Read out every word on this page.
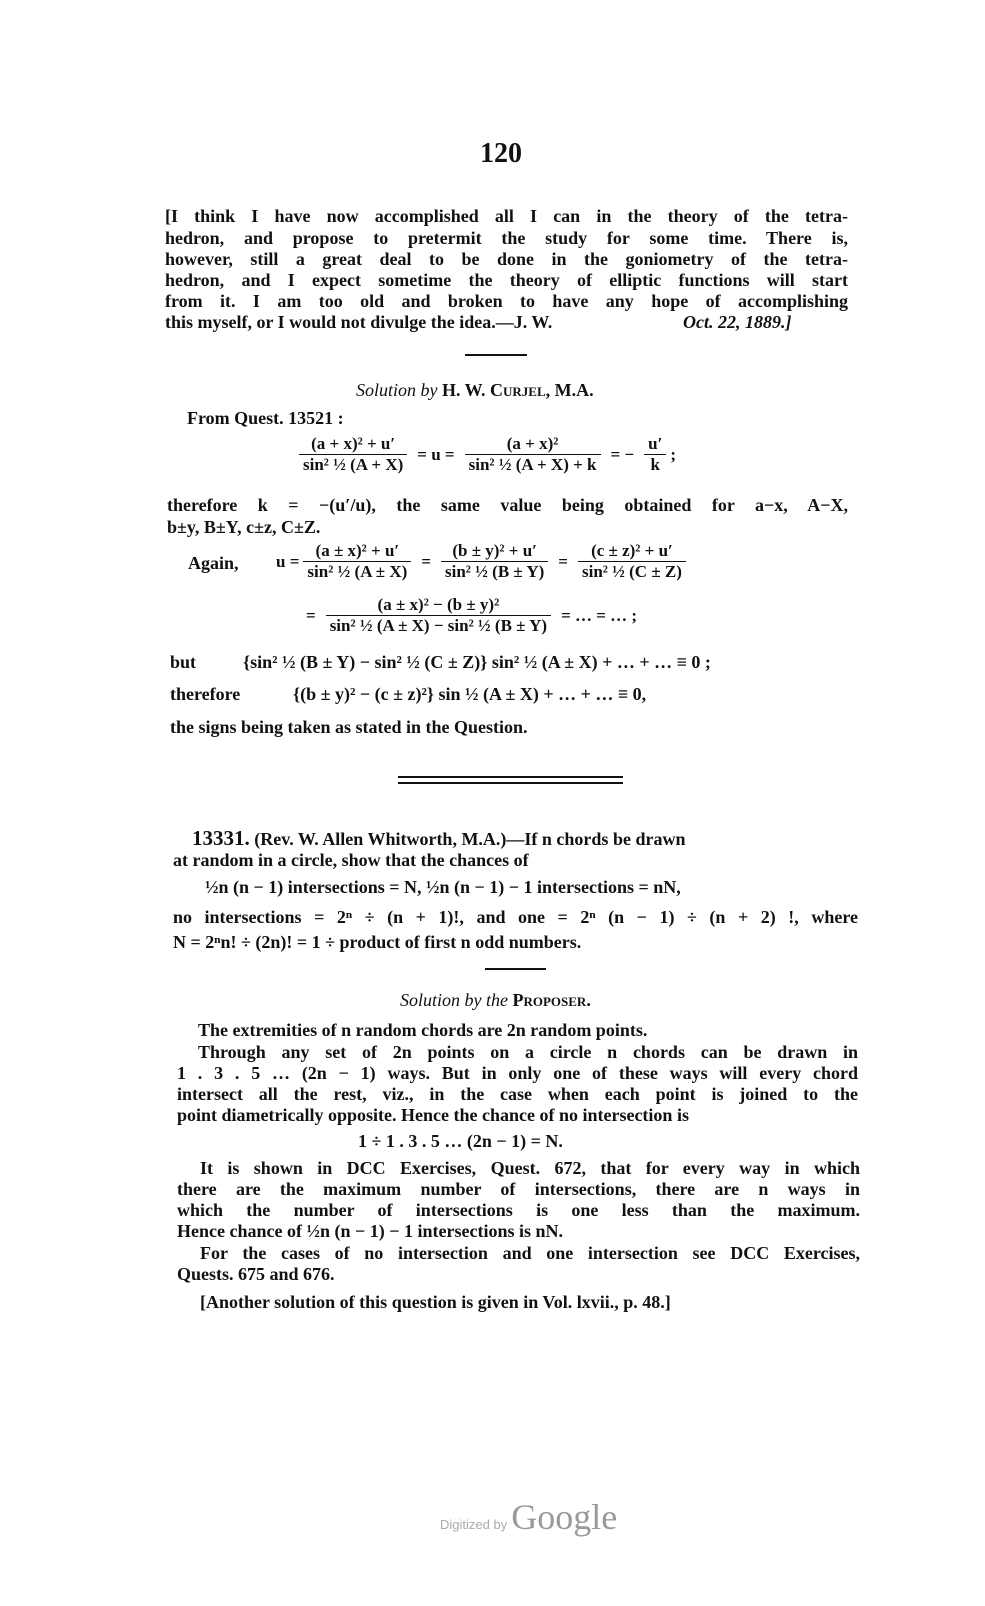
120
[I think I have now accomplished all I can in the theory of the tetra-
hedron, and propose to pretermit the study for some time. There is,
however, still a great deal to be done in the goniometry of the tetra-
hedron, and I expect sometime the theory of elliptic functions will start
from it. I am too old and broken to have any hope of accomplishing
this myself, or I would not divulge the idea.—J. W.	Oct. 22, 1889.]
Solution by H. W. Curjel, M.A.
From Quest. 13521 :
$\frac{\text{(a + x)² + u′}}{\text{sin² ½ (A + X)}} = u = \frac{\text{(a + x)²}}{\text{sin² ½ (A + X) + k}}$ = − $\frac{u'}{k}$ ;
therefore k = −(u′/u), the same value being obtained for a−x, A−X,
b±y, B±Y, c±z, C±Z.
Again, $u = \frac{\text{(a ± x)² + u′}}{\text{sin² ½ (A ± X)}} = \frac{\text{(b ± y)² + u′}}{\text{sin² ½ (B ± Y)}} = \frac{\text{(c ± z)² + u′}}{\text{sin² ½ (C ± Z)}}$
= $\frac{\text{(a ± x)² − (b ± y)²}}{\text{sin² ½ (A ± X) − sin² ½ (B ± Y)}}$ = … = … ;
but	{sin² ½ (B ± Y) − sin² ½ (C ± Z)} sin² ½ (A ± X) + … + … ≡ 0 ;
therefore	{(b ± y)² − (c ± z)²} sin ½ (A ± X) + … + … ≡ 0,
the signs being taken as stated in the Question.
13331. (Rev. W. Allen Whitworth, M.A.)—If n chords be drawn
at random in a circle, show that the chances of
½n (n − 1) intersections = N, ½n (n − 1) − 1 intersections = nN,
no intersections = 2ⁿ ÷ (n + 1)!, and one = 2ⁿ (n − 1) ÷ (n + 2) !, where
N = 2ⁿn! ÷ (2n)! = 1 ÷ product of first n odd numbers.
Solution by the Proposer.
The extremities of n random chords are 2n random points.
Through any set of 2n points on a circle n chords can be drawn in
1 . 3 . 5 … (2n − 1) ways. But in only one of these ways will every chord
intersect all the rest, viz., in the case when each point is joined to the
point diametrically opposite. Hence the chance of no intersection is
1 ÷ 1 . 3 . 5 … (2n − 1) = N.
It is shown in DCC Exercises, Quest. 672, that for every way in which
there are the maximum number of intersections, there are n ways in
which the number of intersections is one less than the maximum.
Hence chance of ½n (n − 1) − 1 intersections is nN.
For the cases of no intersection and one intersection see DCC Exercises,
Quests. 675 and 676.
[Another solution of this question is given in Vol. lxvii., p. 48.]
Digitized by Google
